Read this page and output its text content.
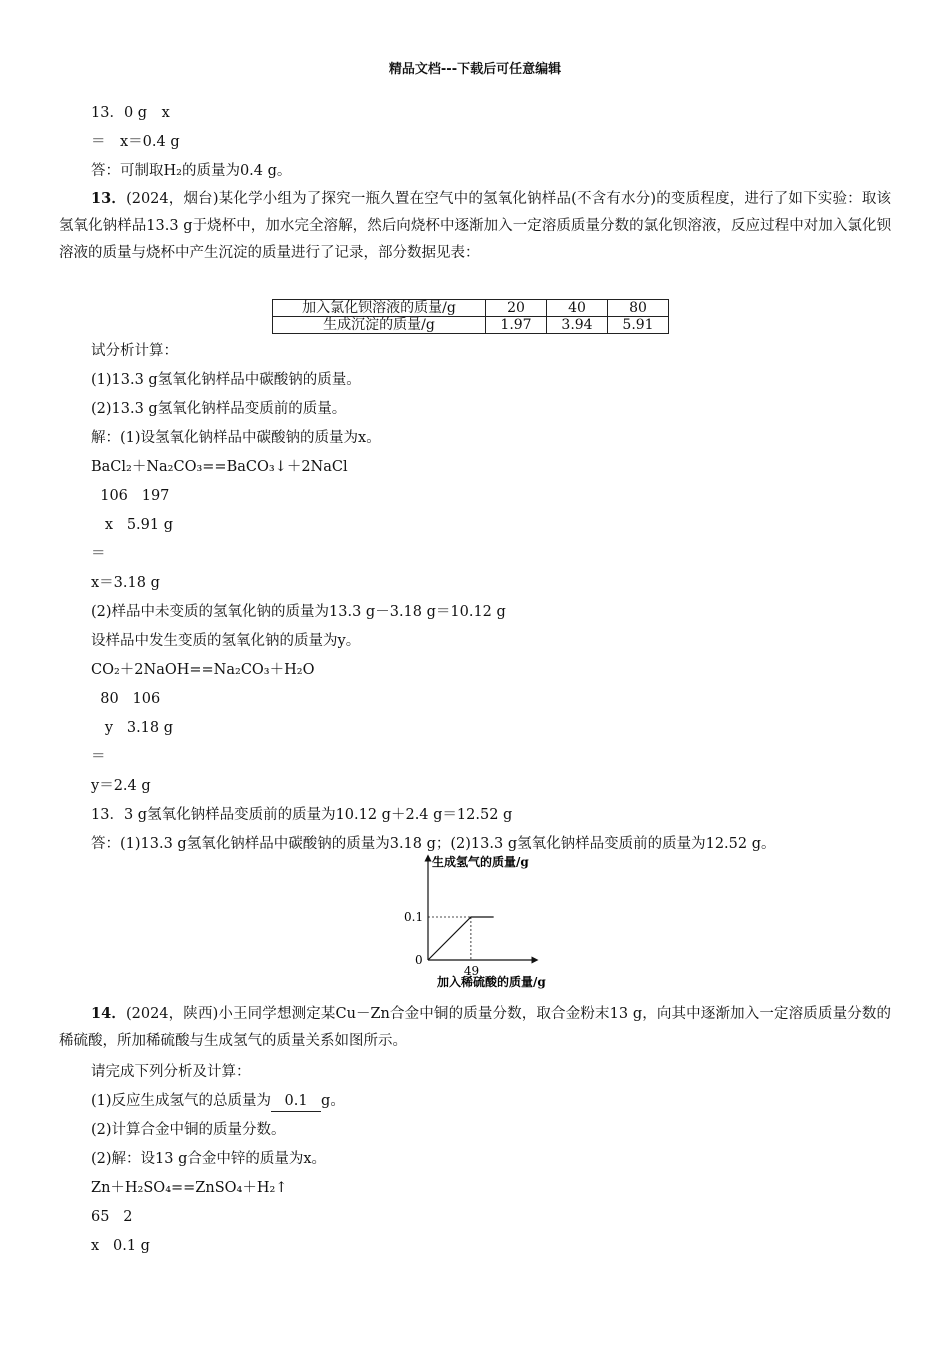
精品文档---下载后可任意编辑
13．0 g　x
＝　x＝0.4 g
答：可制取H₂的质量为0.4 g。
13．(2024，烟台)某化学小组为了探究一瓶久置在空气中的氢氧化钠样品(不含有水分)的变质程度，进行了如下实验：取该氢氧化钠样品13.3 g于烧杯中，加水完全溶解，然后向烧杯中逐渐加入一定溶质质量分数的氯化钡溶液，反应过程中对加入氯化钡溶液的质量与烧杯中产生沉淀的质量进行了记录，部分数据见表：
加入氯化钡溶液的质量/g	20	40	80
生成沉淀的质量/g	1.97	3.94	5.91
试分析计算：
(1)13.3 g氢氧化钠样品中碳酸钠的质量。
(2)13.3 g氢氧化钠样品变质前的质量。
解：(1)设氢氧化钠样品中碳酸钠的质量为x。
BaCl₂＋Na₂CO₃==BaCO₃↓＋2NaCl
106   197
x   5.91 g
＝
x＝3.18 g
(2)样品中未变质的氢氧化钠的质量为13.3 g－3.18 g＝10.12 g
设样品中发生变质的氢氧化钠的质量为y。
CO₂＋2NaOH==Na₂CO₃＋H₂O
80   106
y   3.18 g
＝
y＝2.4 g
13．3 g氢氧化钠样品变质前的质量为10.12 g＋2.4 g＝12.52 g
答：(1)13.3 g氢氧化钠样品中碳酸钠的质量为3.18 g；(2)13.3 g氢氧化钠样品变质前的质量为12.52 g。
生成氢气的质量/g
加入稀硫酸的质量/g
0
0.1
49
14．(2024，陕西)小王同学想测定某Cu－Zn合金中铜的质量分数，取合金粉末13 g，向其中逐渐加入一定溶质质量分数的稀硫酸，所加稀硫酸与生成氢气的质量关系如图所示。
请完成下列分析及计算：
(1)反应生成氢气的总质量为 0.1 g。
(2)计算合金中铜的质量分数。
(2)解：设13 g合金中锌的质量为x。
Zn＋H₂SO₄==ZnSO₄＋H₂↑
65   2
x   0.1 g
